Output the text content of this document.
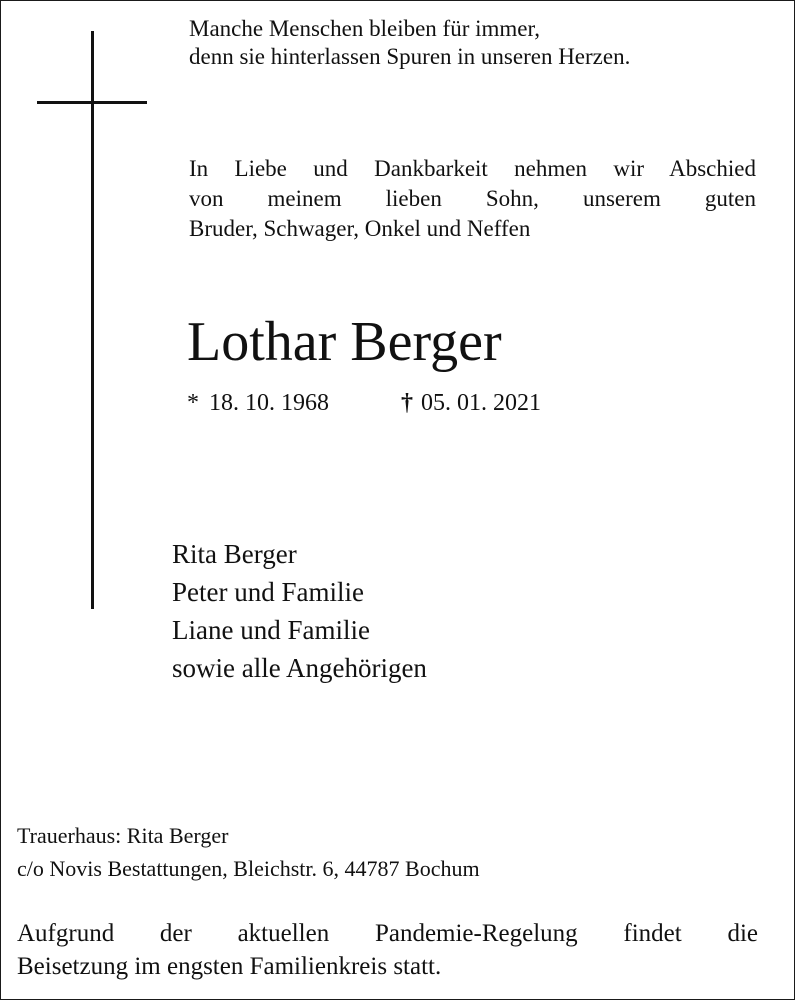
Manche Menschen bleiben für immer,
denn sie hinterlassen Spuren in unseren Herzen.

In Liebe und Dankbarkeit nehmen wir Abschied
von meinem lieben Sohn, unserem guten
Bruder, Schwager, Onkel und Neffen

Lothar Berger
* 18. 10. 1968	† 05. 01. 2021
Rita Berger
Peter und Familie
Liane und Familie
sowie alle Angehörigen
Trauerhaus: Rita Berger
c/o Novis Bestattungen, Bleichstr. 6, 44787 Bochum

Aufgrund der aktuellen Pandemie-Regelung findet die
Beisetzung im engsten Familienkreis statt.
